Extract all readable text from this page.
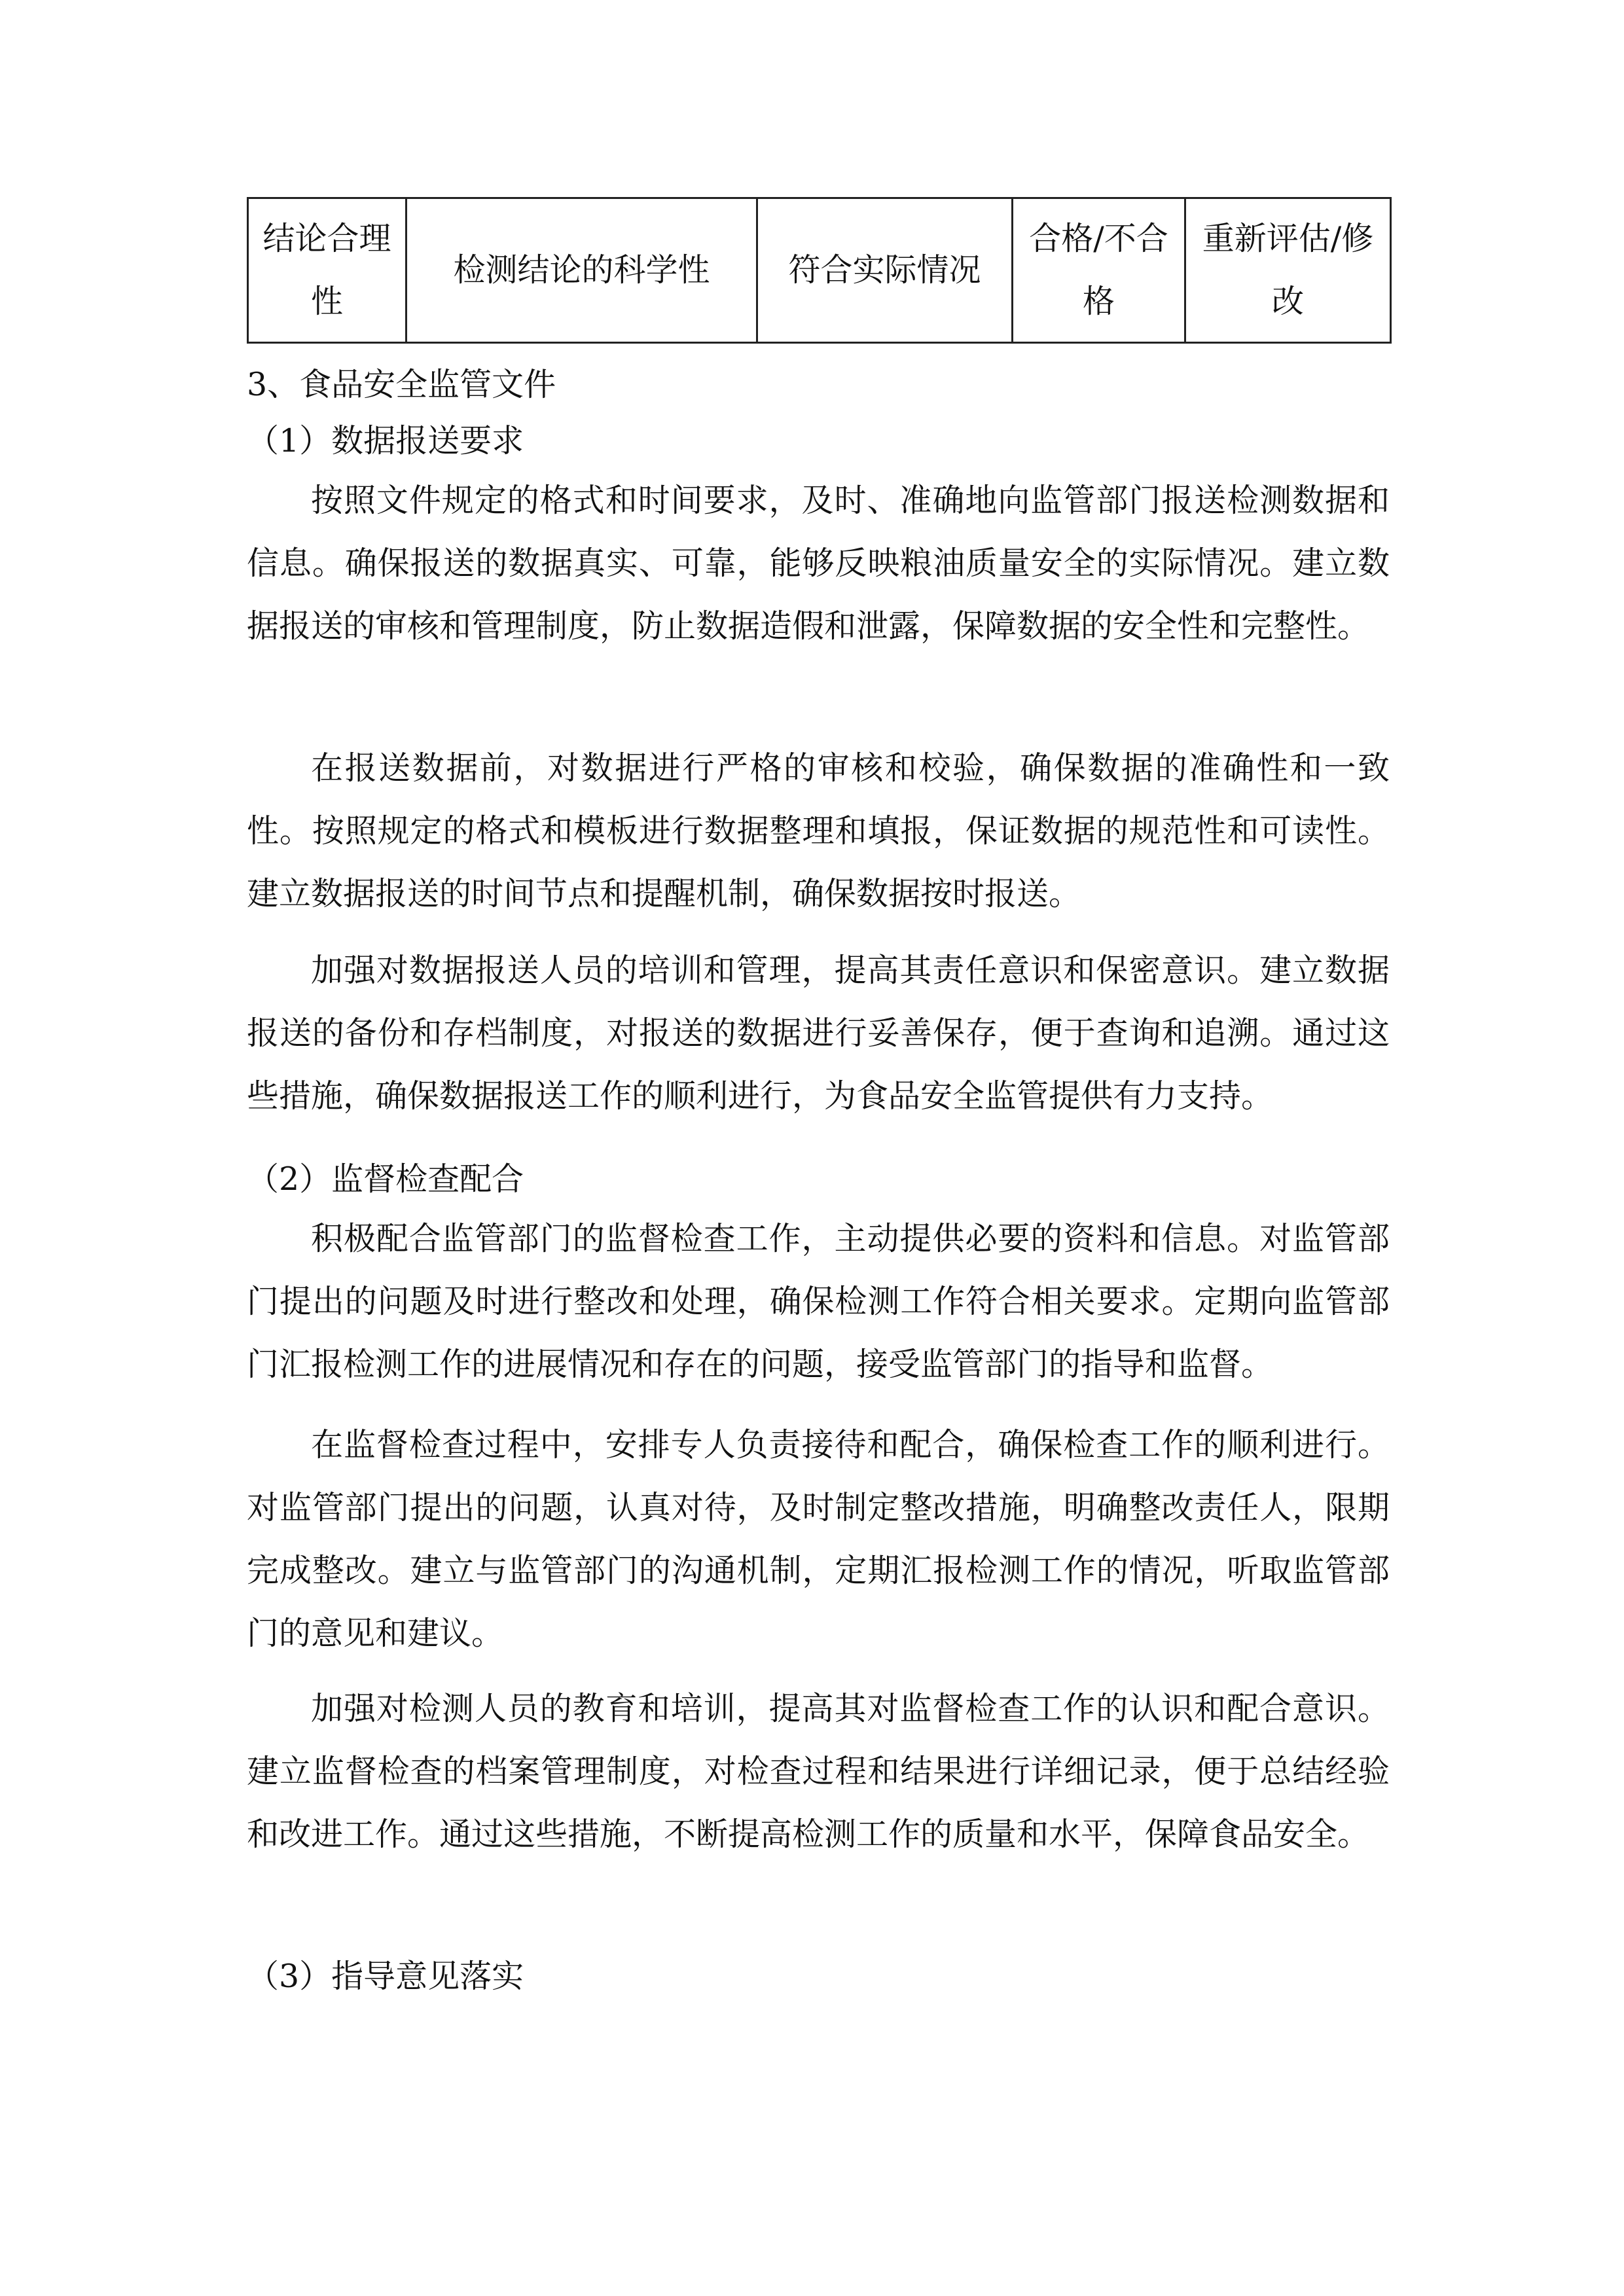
结论合理性	检测结论的科学性	符合实际情况	合格/不合格	重新评估/修改
3、食品安全监管文件
（1）数据报送要求

按照文件规定的格式和时间要求，及时、准确地向监管部门报送检测数据和信息。确保报送的数据真实、可靠，能够反映粮油质量安全的实际情况。建立数据报送的审核和管理制度，防止数据造假和泄露，保障数据的安全性和完整性。

在报送数据前，对数据进行严格的审核和校验，确保数据的准确性和一致性。按照规定的格式和模板进行数据整理和填报，保证数据的规范性和可读性。建立数据报送的时间节点和提醒机制，确保数据按时报送。

加强对数据报送人员的培训和管理，提高其责任意识和保密意识。建立数据报送的备份和存档制度，对报送的数据进行妥善保存，便于查询和追溯。通过这些措施，确保数据报送工作的顺利进行，为食品安全监管提供有力支持。

（2）监督检查配合

积极配合监管部门的监督检查工作，主动提供必要的资料和信息。对监管部门提出的问题及时进行整改和处理，确保检测工作符合相关要求。定期向监管部门汇报检测工作的进展情况和存在的问题，接受监管部门的指导和监督。

在监督检查过程中，安排专人负责接待和配合，确保检查工作的顺利进行。对监管部门提出的问题，认真对待，及时制定整改措施，明确整改责任人，限期完成整改。建立与监管部门的沟通机制，定期汇报检测工作的情况，听取监管部门的意见和建议。

加强对检测人员的教育和培训，提高其对监督检查工作的认识和配合意识。建立监督检查的档案管理制度，对检查过程和结果进行详细记录，便于总结经验和改进工作。通过这些措施，不断提高检测工作的质量和水平，保障食品安全。

（3）指导意见落实
